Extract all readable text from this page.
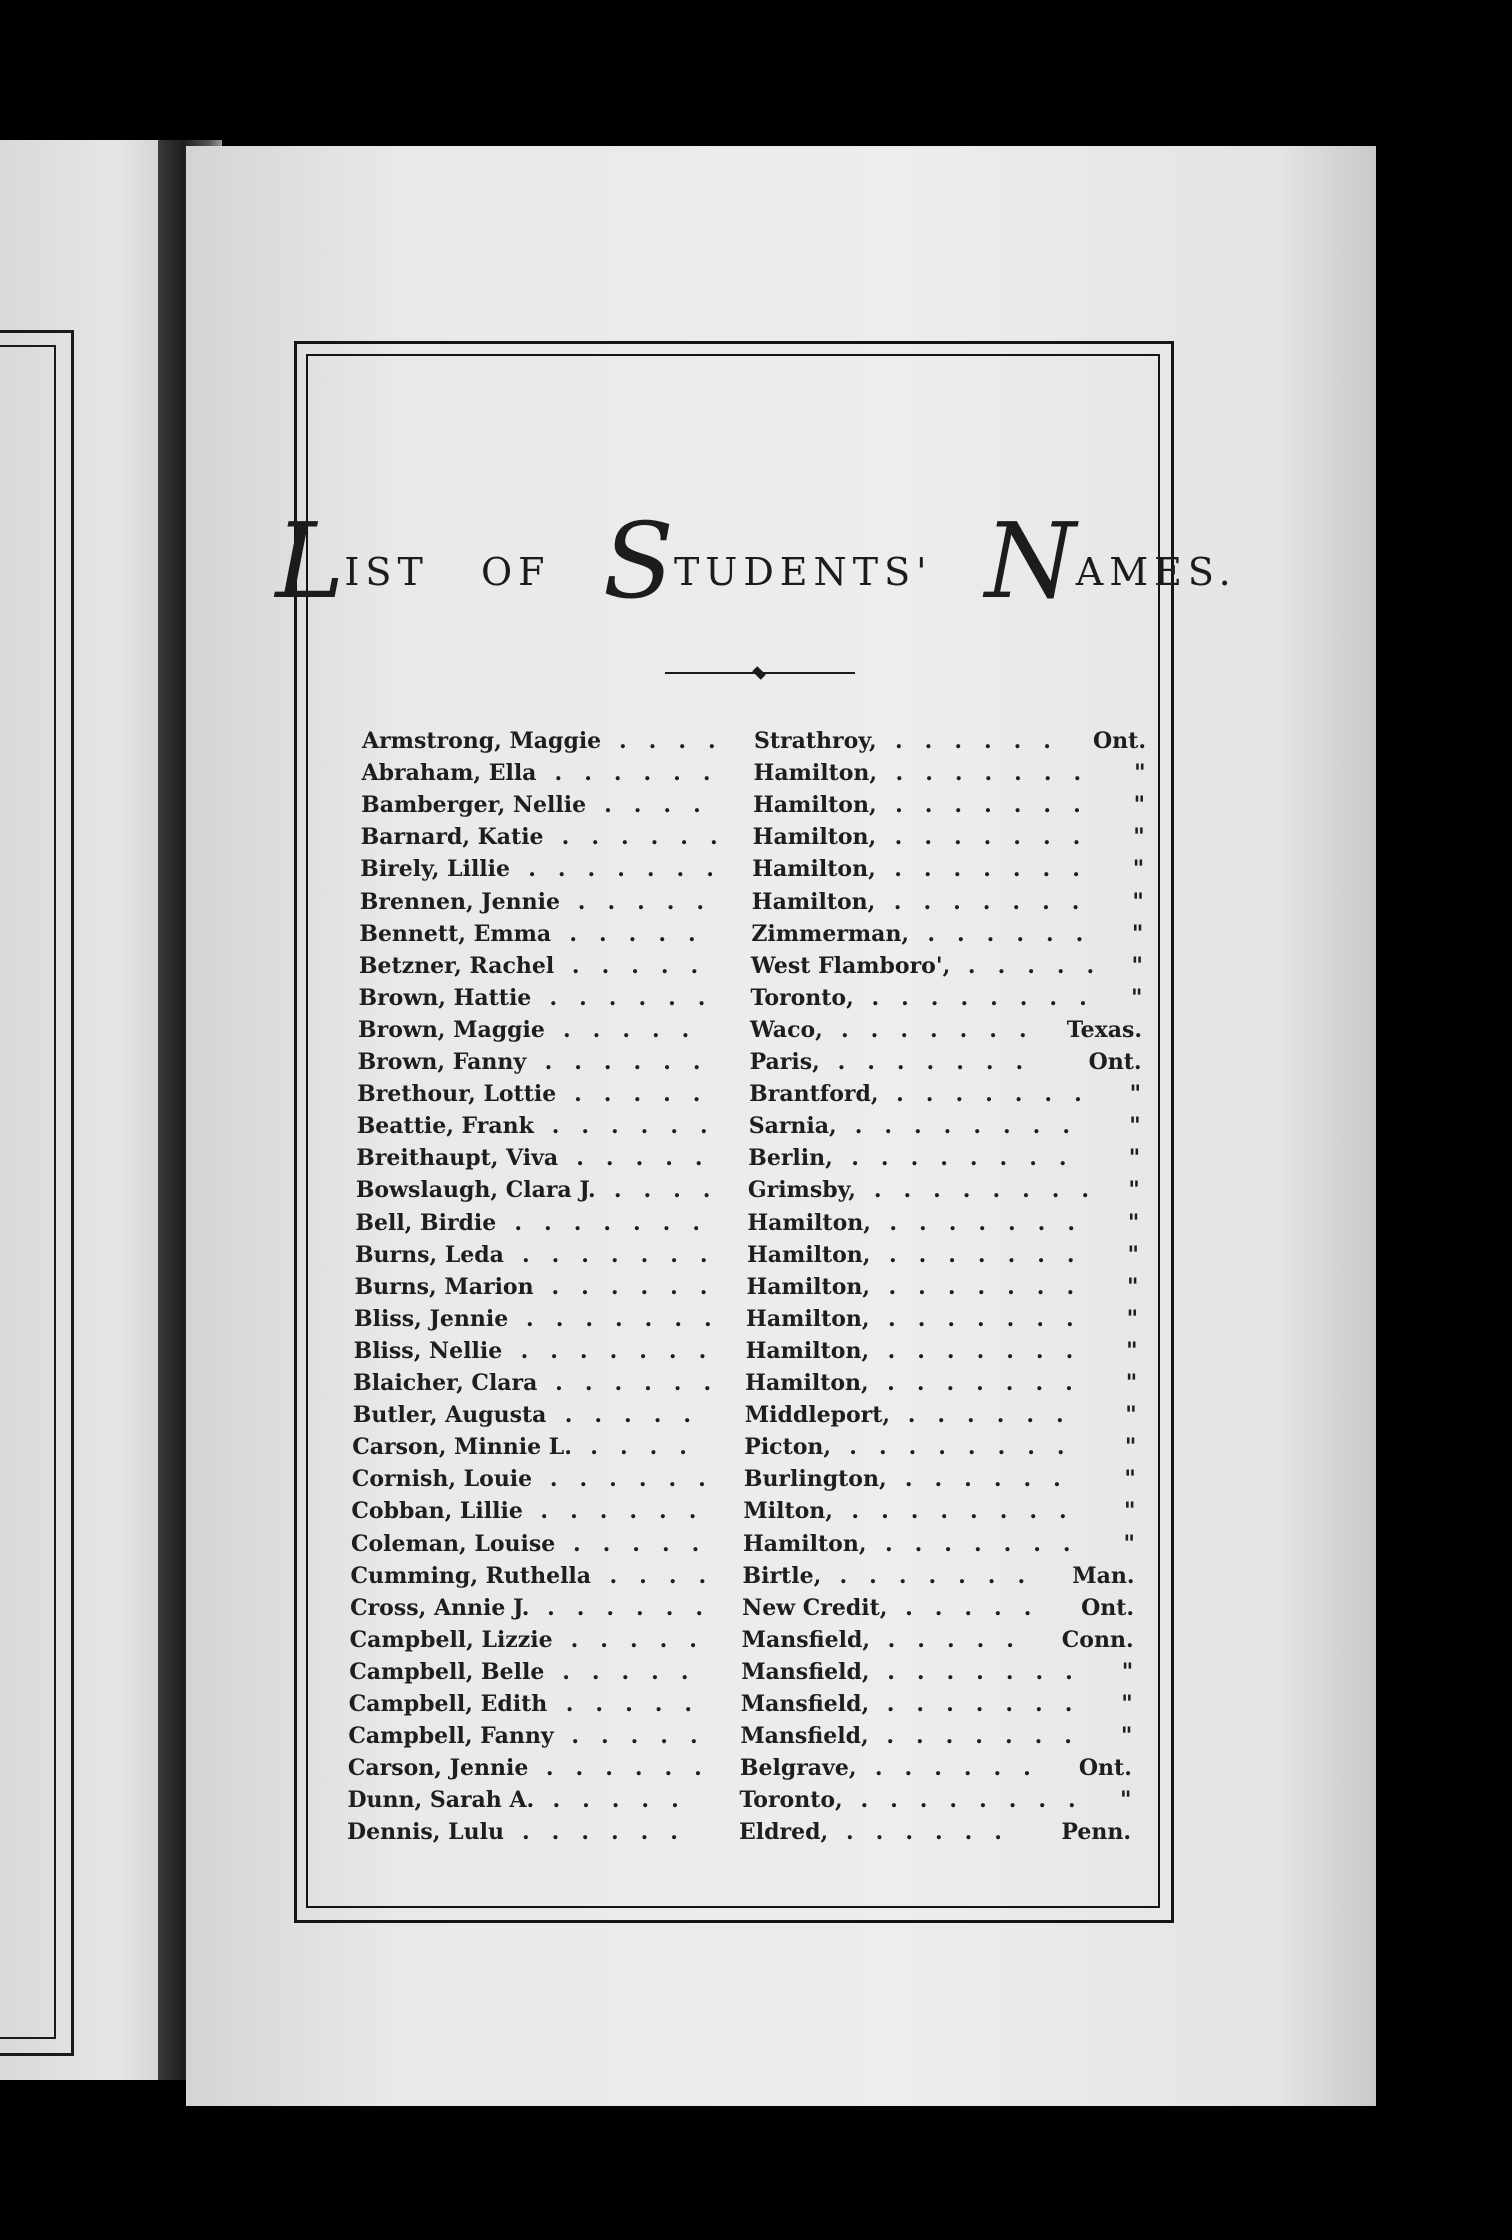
LIST OF STUDENTS' NAMES.
Armstrong, Maggie .... Strathroy,	Ont.
......
Abraham, Ella ...... Hamilton,	"
.......
Bamberger, Nellie .... Hamilton,	"
.......
Barnard, Katie ...... Hamilton,	"
.......
Birely, Lillie ....... Hamilton,	"
.......
Brennen, Jennie ..... Hamilton,	"
.......
Bennett, Emma ..... Zimmerman,	"
......
Betzner, Rachel ..... West Flamboro',	"
.....
Brown, Hattie ...... Toronto,	"
........
Brown, Maggie ..... Waco,	Texas.
.......
Brown, Fanny ...... Paris,	Ont.
.......
Brethour, Lottie ..... Brantford,	"
.......
Beattie, Frank ...... Sarnia,	"
........
Breithaupt, Viva ..... Berlin,	"
........
Bowslaugh, Clara J. .... Grimsby,	"
........
Bell, Birdie ....... Hamilton,	"
.......
Burns, Leda ....... Hamilton,	"
.......
Burns, Marion ...... Hamilton,	"
.......
Bliss, Jennie ....... Hamilton,	"
.......
Bliss, Nellie ....... Hamilton,	"
.......
Blaicher, Clara ...... Hamilton,	"
.......
Butler, Augusta ..... Middleport,	"
......
Carson, Minnie L. .... Picton,	"
........
Cornish, Louie ...... Burlington,	"
......
Cobban, Lillie ...... Milton,	"
........
Coleman, Louise ..... Hamilton,	"
.......
Cumming, Ruthella .... Birtle,	Man.
.......
Cross, Annie J. ...... New Credit,	Ont.
.....
Campbell, Lizzie ..... Mansfield,	Conn.
.....
Campbell, Belle ..... Mansfield,	"
.......
Campbell, Edith ..... Mansfield,	"
.......
Campbell, Fanny ..... Mansfield,	"
.......
Carson, Jennie ...... Belgrave,	Ont.
......
Dunn, Sarah A. ..... Toronto,	"
........
Dennis, Lulu ...... Eldred,	Penn.
......
